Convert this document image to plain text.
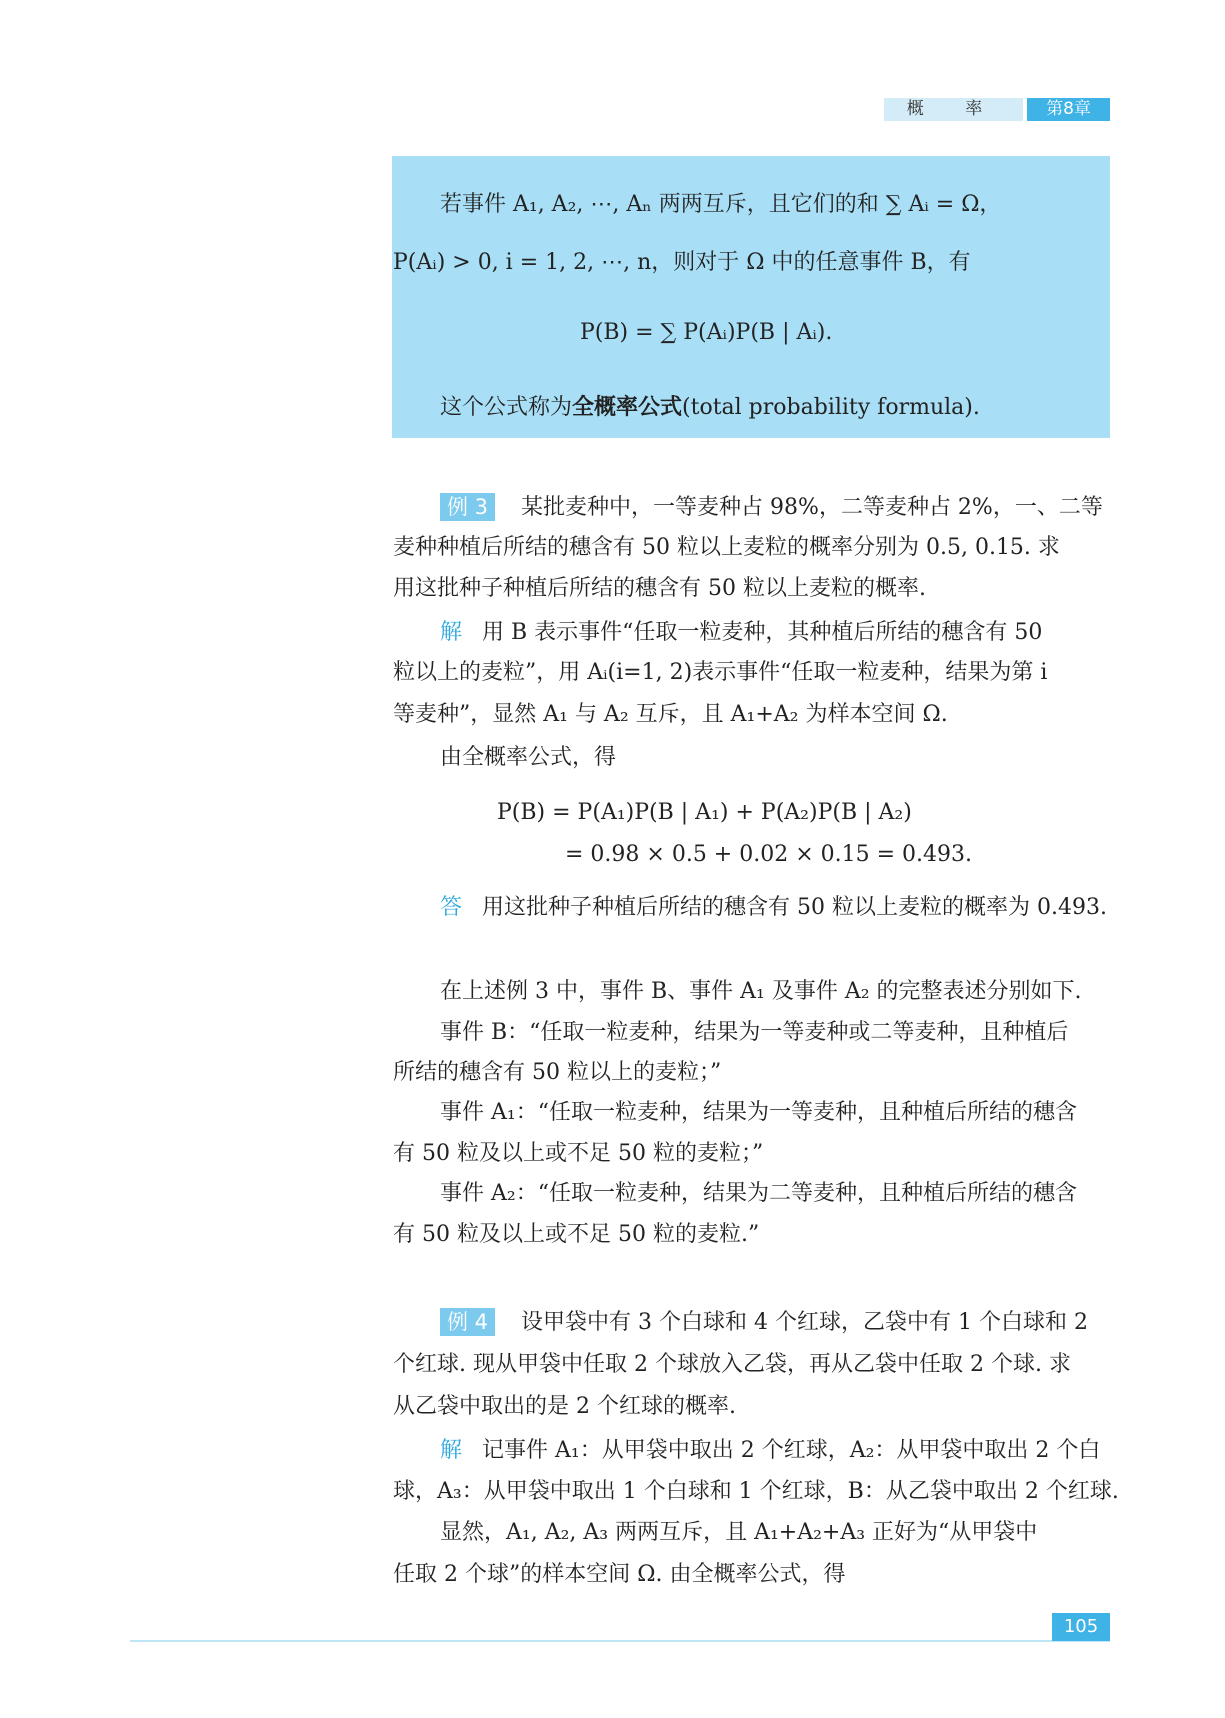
概 率	第8章
若事件 A₁, A₂, ⋯, Aₙ 两两互斥，且它们的和 ∑ Aᵢ = Ω，
P(Aᵢ) > 0, i = 1, 2, ⋯, n，则对于 Ω 中的任意事件 B，有
P(B) = ∑ P(Aᵢ)P(B | Aᵢ).
这个公式称为全概率公式(total probability formula).
例 3 某批麦种中，一等麦种占 98%，二等麦种占 2%，一、二等
麦种种植后所结的穗含有 50 粒以上麦粒的概率分别为 0.5, 0.15. 求
用这批种子种植后所结的穗含有 50 粒以上麦粒的概率.
解 用 B 表示事件“任取一粒麦种，其种植后所结的穗含有 50
粒以上的麦粒”，用 Aᵢ(i=1, 2)表示事件“任取一粒麦种，结果为第 i
等麦种”，显然 A₁ 与 A₂ 互斥，且 A₁+A₂ 为样本空间 Ω.
由全概率公式，得
P(B) = P(A₁)P(B | A₁) + P(A₂)P(B | A₂)
= 0.98 × 0.5 + 0.02 × 0.15 = 0.493.
答 用这批种子种植后所结的穗含有 50 粒以上麦粒的概率为 0.493.
在上述例 3 中，事件 B、事件 A₁ 及事件 A₂ 的完整表述分别如下.
事件 B：“任取一粒麦种，结果为一等麦种或二等麦种，且种植后
所结的穗含有 50 粒以上的麦粒；”
事件 A₁：“任取一粒麦种，结果为一等麦种，且种植后所结的穗含
有 50 粒及以上或不足 50 粒的麦粒；”
事件 A₂：“任取一粒麦种，结果为二等麦种，且种植后所结的穗含
有 50 粒及以上或不足 50 粒的麦粒.”
例 4 设甲袋中有 3 个白球和 4 个红球，乙袋中有 1 个白球和 2
个红球. 现从甲袋中任取 2 个球放入乙袋，再从乙袋中任取 2 个球. 求
从乙袋中取出的是 2 个红球的概率.
解 记事件 A₁：从甲袋中取出 2 个红球，A₂：从甲袋中取出 2 个白
球，A₃：从甲袋中取出 1 个白球和 1 个红球，B：从乙袋中取出 2 个红球.
显然，A₁, A₂, A₃ 两两互斥，且 A₁+A₂+A₃ 正好为“从甲袋中
任取 2 个球”的样本空间 Ω. 由全概率公式，得
105
